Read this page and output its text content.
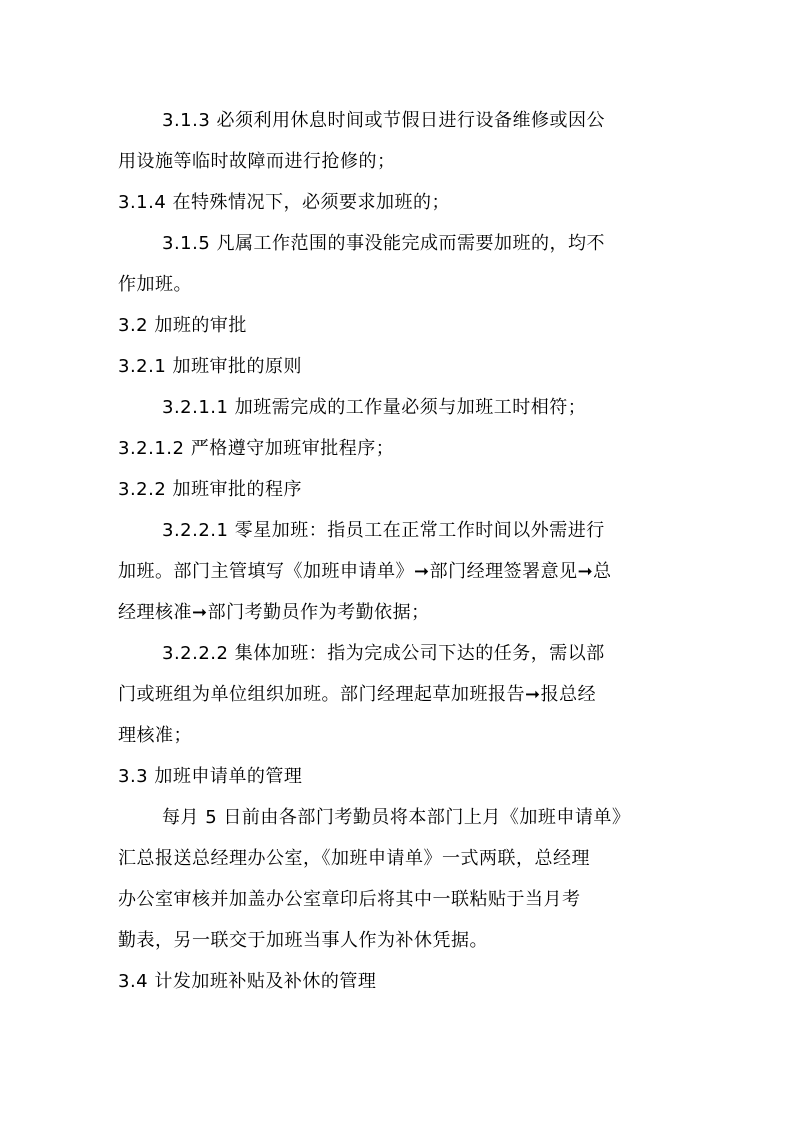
3.1.3 必须利用休息时间或节假日进行设备维修或因公
用设施等临时故障而进行抢修的；
3.1.4 在特殊情况下，必须要求加班的；
3.1.5 凡属工作范围的事没能完成而需要加班的，均不
作加班。
3.2 加班的审批
3.2.1 加班审批的原则
3.2.1.1 加班需完成的工作量必须与加班工时相符；
3.2.1.2 严格遵守加班审批程序；
3.2.2 加班审批的程序
3.2.2.1 零星加班：指员工在正常工作时间以外需进行
加班。部门主管填写《加班申请单》➞部门经理签署意见➞总
经理核准➞部门考勤员作为考勤依据；
3.2.2.2 集体加班：指为完成公司下达的任务，需以部
门或班组为单位组织加班。部门经理起草加班报告➞报总经
理核准；
3.3 加班申请单的管理
每月 5 日前由各部门考勤员将本部门上月《加班申请单》
汇总报送总经理办公室，《加班申请单》一式两联，总经理
办公室审核并加盖办公室章印后将其中一联粘贴于当月考
勤表，另一联交于加班当事人作为补休凭据。
3.4 计发加班补贴及补休的管理
